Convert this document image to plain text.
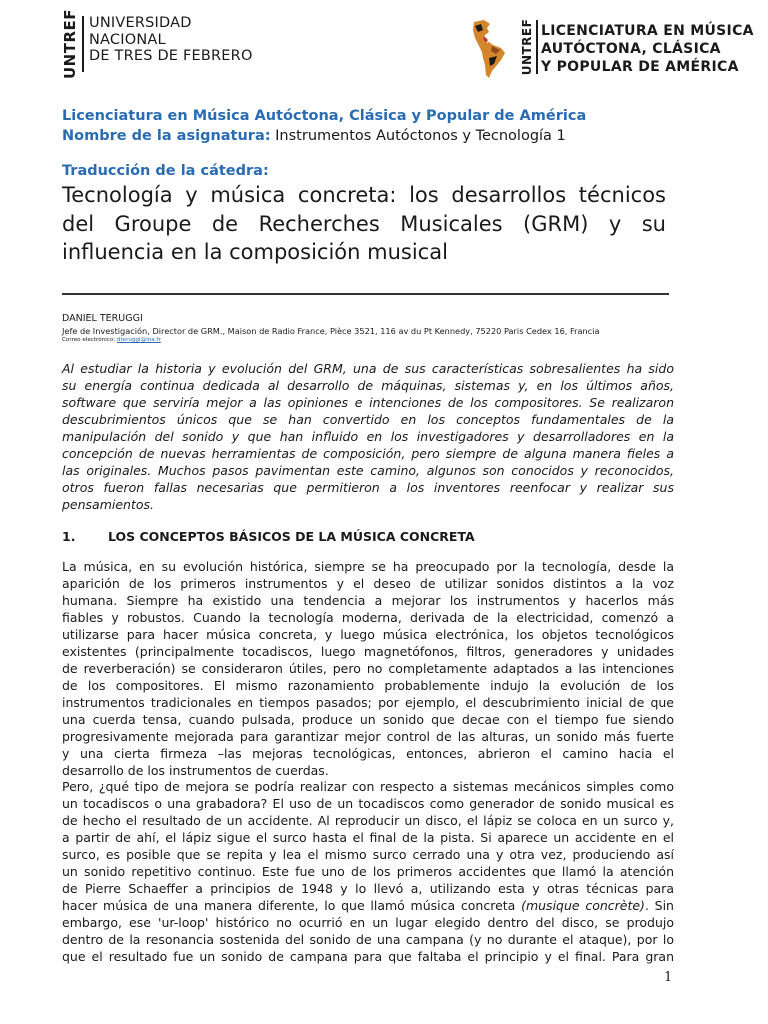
UNTREF UNIVERSIDAD
NACIONAL
DE TRES DE FEBRERO	UNTREF LICENCIATURA EN MÚSICA
AUTÓCTONA, CLÁSICA
Y POPULAR DE AMÉRICA
Licenciatura en Música Autóctona, Clásica y Popular de América
Nombre de la asignatura: Instrumentos Autóctonos y Tecnología 1
Traducción de la cátedra:
Tecnología y música concreta: los desarrollos técnicos del Groupe de Recherches Musicales (GRM) y su influencia en la composición musical
DANIEL TERUGGI
Jefe de Investigación, Director de GRM., Maison de Radio France, Pièce 3521, 116 av du Pt Kennedy, 75220 Paris Cedex 16, Francia
Correo electrónico: dteruggi@ina.fr
Al estudiar la historia y evolución del GRM, una de sus características sobresalientes ha sido
su energía continua dedicada al desarrollo de máquinas, sistemas y, en los últimos años,
software que serviría mejor a las opiniones e intenciones de los compositores. Se realizaron
descubrimientos únicos que se han convertido en los conceptos fundamentales de la
manipulación del sonido y que han influido en los investigadores y desarrolladores en la
concepción de nuevas herramientas de composición, pero siempre de alguna manera fieles a
las originales. Muchos pasos pavimentan este camino, algunos son conocidos y reconocidos,
otros fueron fallas necesarias que permitieron a los inventores reenfocar y realizar sus
pensamientos.
1.	LOS CONCEPTOS BÁSICOS DE LA MÚSICA CONCRETA
La música, en su evolución histórica, siempre se ha preocupado por la tecnología, desde la
aparición de los primeros instrumentos y el deseo de utilizar sonidos distintos a la voz
humana. Siempre ha existido una tendencia a mejorar los instrumentos y hacerlos más
fiables y robustos. Cuando la tecnología moderna, derivada de la electricidad, comenzó a
utilizarse para hacer música concreta, y luego música electrónica, los objetos tecnológicos
existentes (principalmente tocadiscos, luego magnetófonos, filtros, generadores y unidades
de reverberación) se consideraron útiles, pero no completamente adaptados a las intenciones
de los compositores. El mismo razonamiento probablemente indujo la evolución de los
instrumentos tradicionales en tiempos pasados; por ejemplo, el descubrimiento inicial de que
una cuerda tensa, cuando pulsada, produce un sonido que decae con el tiempo fue siendo
progresivamente mejorada para garantizar mejor control de las alturas, un sonido más fuerte
y una cierta firmeza –las mejoras tecnológicas, entonces, abrieron el camino hacia el
desarrollo de los instrumentos de cuerdas.
Pero, ¿qué tipo de mejora se podría realizar con respecto a sistemas mecánicos simples como
un tocadiscos o una grabadora? El uso de un tocadiscos como generador de sonido musical es
de hecho el resultado de un accidente. Al reproducir un disco, el lápiz se coloca en un surco y,
a partir de ahí, el lápiz sigue el surco hasta el final de la pista. Si aparece un accidente en el
surco, es posible que se repita y lea el mismo surco cerrado una y otra vez, produciendo así
un sonido repetitivo continuo. Este fue uno de los primeros accidentes que llamó la atención
de Pierre Schaeffer a principios de 1948 y lo llevó a, utilizando esta y otras técnicas para
hacer música de una manera diferente, lo que llamó música concreta (musique concrète). Sin
embargo, ese 'ur-loop' histórico no ocurrió en un lugar elegido dentro del disco, se produjo
dentro de la resonancia sostenida del sonido de una campana (y no durante el ataque), por lo
que el resultado fue un sonido de campana para que faltaba el principio y el final. Para gran
1
